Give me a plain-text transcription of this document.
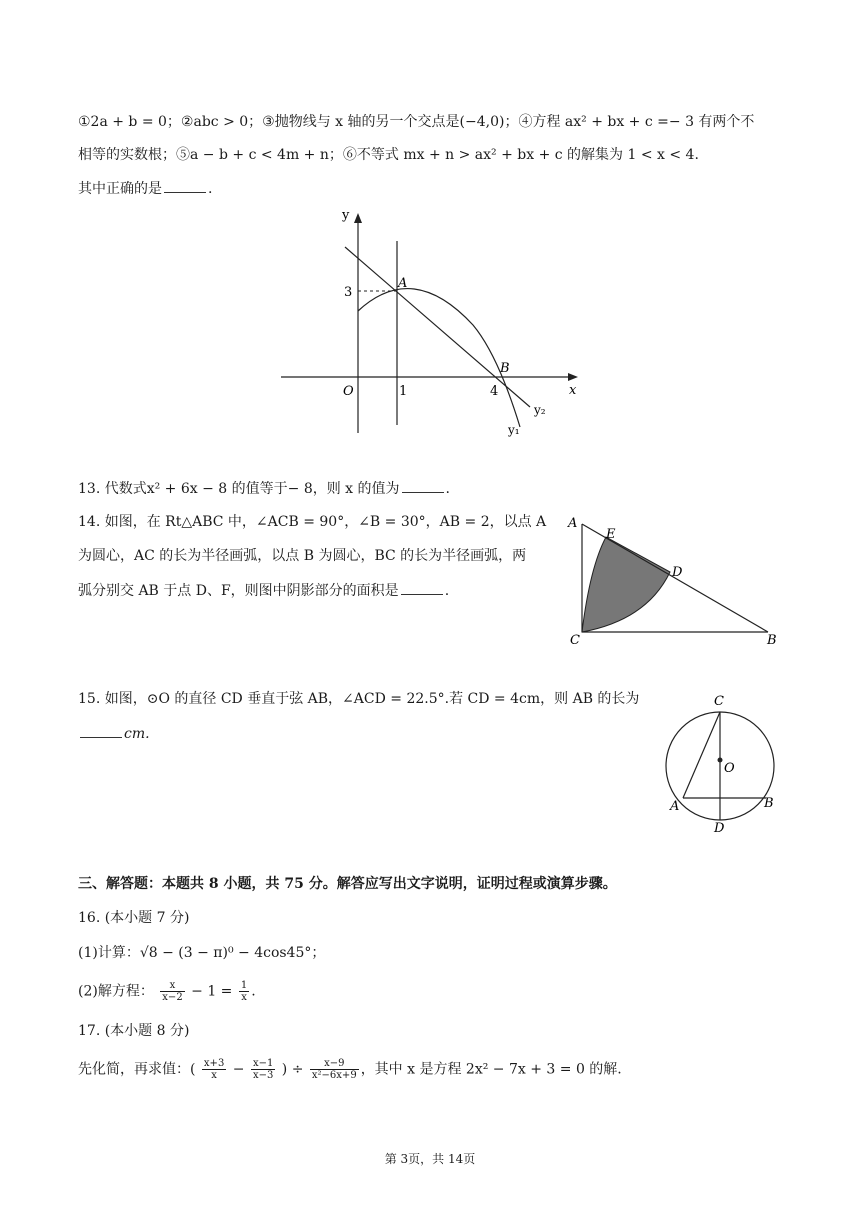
①2a + b = 0；②abc > 0；③抛物线与 x 轴的另一个交点是(−4,0)；④方程 ax² + bx + c =− 3 有两个不
相等的实数根；⑤a − b + c < 4m + n；⑥不等式 mx + n > ax² + bx + c 的解集为 1 < x < 4.
其中正确的是	.
y
x
O	1	4
3
A
B
y₂
y₁
13. 代数式x² + 6x − 8 的值等于− 8，则 x 的值为	.
14. 如图，在 Rt△ABC 中，∠ACB = 90°，∠B = 30°，AB = 2，以点 A
为圆心，AC 的长为半径画弧，以点 B 为圆心，BC 的长为半径画弧，两
弧分别交 AB 于点 D、F，则图中阴影部分的面积是	.
A
E
D
C	B
15. 如图，⊙O 的直径 CD 垂直于弦 AB，∠ACD = 22.5°.若 CD = 4cm，则 AB 的长为
cm.
C
O
A	B
D
三、解答题：本题共 8 小题，共 75 分。解答应写出文字说明，证明过程或演算步骤。
16. (本小题 7 分)
(1)计算：√8 − (3 − π)⁰ − 4cos45°；
(2)解方程： $\frac{x}{x-2} - 1 = \frac{1}{x}$ .
17. (本小题 8 分)
先化简，再求值：( $\frac{x+3}{x} - \frac{x-1}{x-3}$ ) ÷ $\frac{x-9}{\text{x²−6x+9}}$ ，其中 x 是方程 2x² − 7x + 3 = 0 的解.
第 3页，共 14页
